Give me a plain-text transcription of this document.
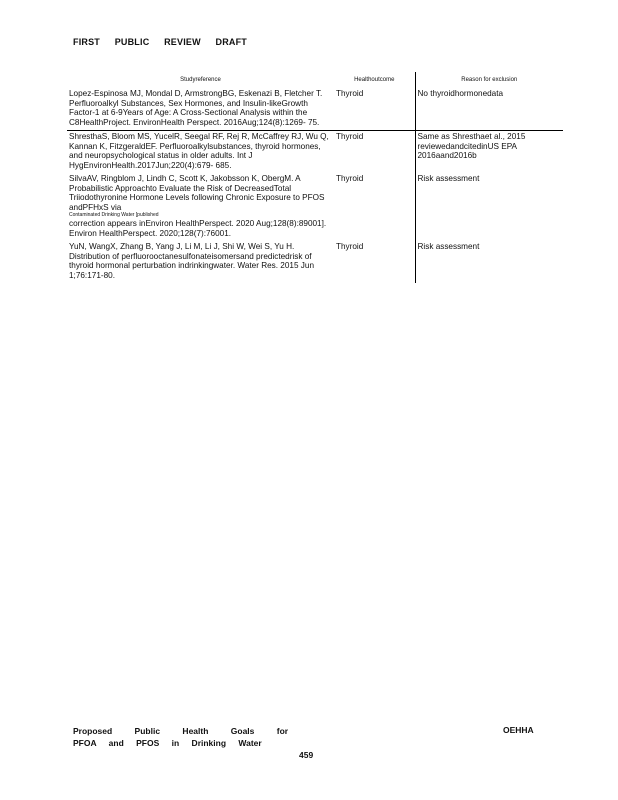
FIRST PUBLIC REVIEW DRAFT
Studyreference	Healthoutcome	Reason for exclusion
Lopez-Espinosa MJ, Mondal D, ArmstrongBG, Eskenazi B, Fletcher T. Perfluoroalkyl Substances, Sex Hormones, and Insulin-likeGrowth Factor-1 at 6-9Years of Age: A Cross-Sectional Analysis within the C8HealthProject. EnvironHealth Perspect. 2016Aug;124(8):1269- 75.	Thyroid	No thyroidhormonedata
ShresthaS, Bloom MS, YucelR, Seegal RF, Rej R, McCaffrey RJ, Wu Q, Kannan K, FitzgeraldEF. Perfluoroalkylsubstances, thyroid hormones, and neuropsychological status in older adults. Int J HygEnvironHealth.2017Jun;220(4):679- 685.	Thyroid	Same as Shresthaet al., 2015 reviewedandcitedinUS EPA 2016aand2016b
SilvaAV, Ringblom J, Lindh C, Scott K, Jakobsson K, ObergM. A Probabilistic Approachto Evaluate the Risk of DecreasedTotal Triiodothyronine Hormone Levels following Chronic Exposure to PFOS andPFHxS via
Contaminated Drinking Water [published
correction appears inEnviron HealthPerspect. 2020 Aug;128(8):89001]. Environ HealthPerspect. 2020;128(7):76001.	Thyroid	Risk assessment
YuN, WangX, Zhang B, Yang J, Li M, Li J, Shi W, Wei S, Yu H. Distribution of perfluorooctanesulfonateisomersand predictedrisk of thyroid hormonal perturbation indrinkingwater. Water Res. 2015 Jun 1;76:171-80.	Thyroid	Risk assessment
Proposed Public Health Goals for
PFOA and PFOS in Drinking Water
OEHHA
459
